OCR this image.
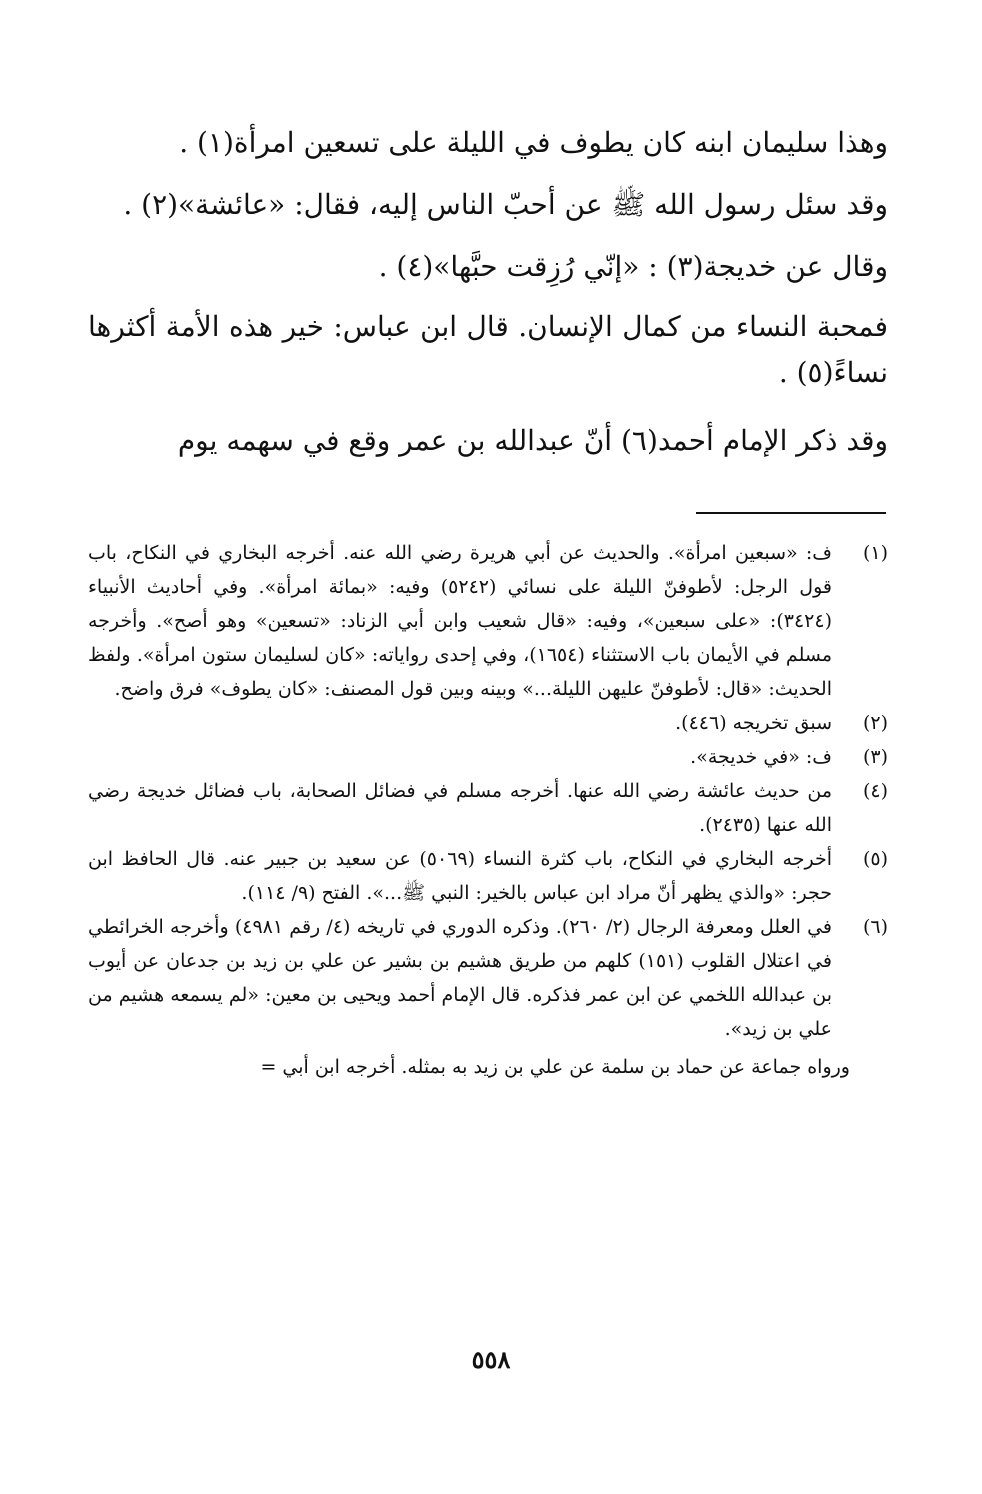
وهذا سليمان ابنه كان يطوف في الليلة على تسعين امرأة(١) .

وقد سئل رسول الله ﷺ عن أحبّ الناس إليه، فقال: «عائشة»(٢) .

وقال عن خديجة(٣) : «إنّي رُزِقت حبَّها»(٤) .

فمحبة النساء من كمال الإنسان. قال ابن عباس: خير هذه الأمة أكثرها نساءً(٥) .

وقد ذكر الإمام أحمد(٦) أنّ عبدالله بن عمر وقع في سهمه يوم

(١)
ف: «سبعين امرأة». والحديث عن أبي هريرة رضي الله عنه. أخرجه البخاري في النكاح، باب قول الرجل: لأطوفنّ الليلة على نسائي (٥٢٤٢) وفيه: «بمائة امرأة». وفي أحاديث الأنبياء (٣٤٢٤): «على سبعين»، وفيه: «قال شعيب وابن أبي الزناد: «تسعين» وهو أصح». وأخرجه مسلم في الأيمان باب الاستثناء (١٦٥٤)، وفي إحدى رواياته: «كان لسليمان ستون امرأة». ولفظ الحديث: «قال: لأطوفنّ عليهن الليلة...» وبينه وبين قول المصنف: «كان يطوف» فرق واضح.
(٢)
سبق تخريجه (٤٤٦).
(٣)
ف: «في خديجة».
(٤)
من حديث عائشة رضي الله عنها. أخرجه مسلم في فضائل الصحابة، باب فضائل خديجة رضي الله عنها (٢٤٣٥).
(٥)
أخرجه البخاري في النكاح، باب كثرة النساء (٥٠٦٩) عن سعيد بن جبير عنه. قال الحافظ ابن حجر: «والذي يظهر أنّ مراد ابن عباس بالخير: النبي ﷺ...». الفتح (٩/ ١١٤).
(٦)
في العلل ومعرفة الرجال (٢/ ٢٦٠). وذكره الدوري في تاريخه (٤/ رقم ٤٩٨١) وأخرجه الخرائطي في اعتلال القلوب (١٥١) كلهم من طريق هشيم بن بشير عن علي بن زيد بن جدعان عن أيوب بن عبدالله اللخمي عن ابن عمر فذكره. قال الإمام أحمد ويحيى بن معين: «لم يسمعه هشيم من علي بن زيد».

ورواه جماعة عن حماد بن سلمة عن علي بن زيد به بمثله. أخرجه ابن أبي =

٥٥٨
